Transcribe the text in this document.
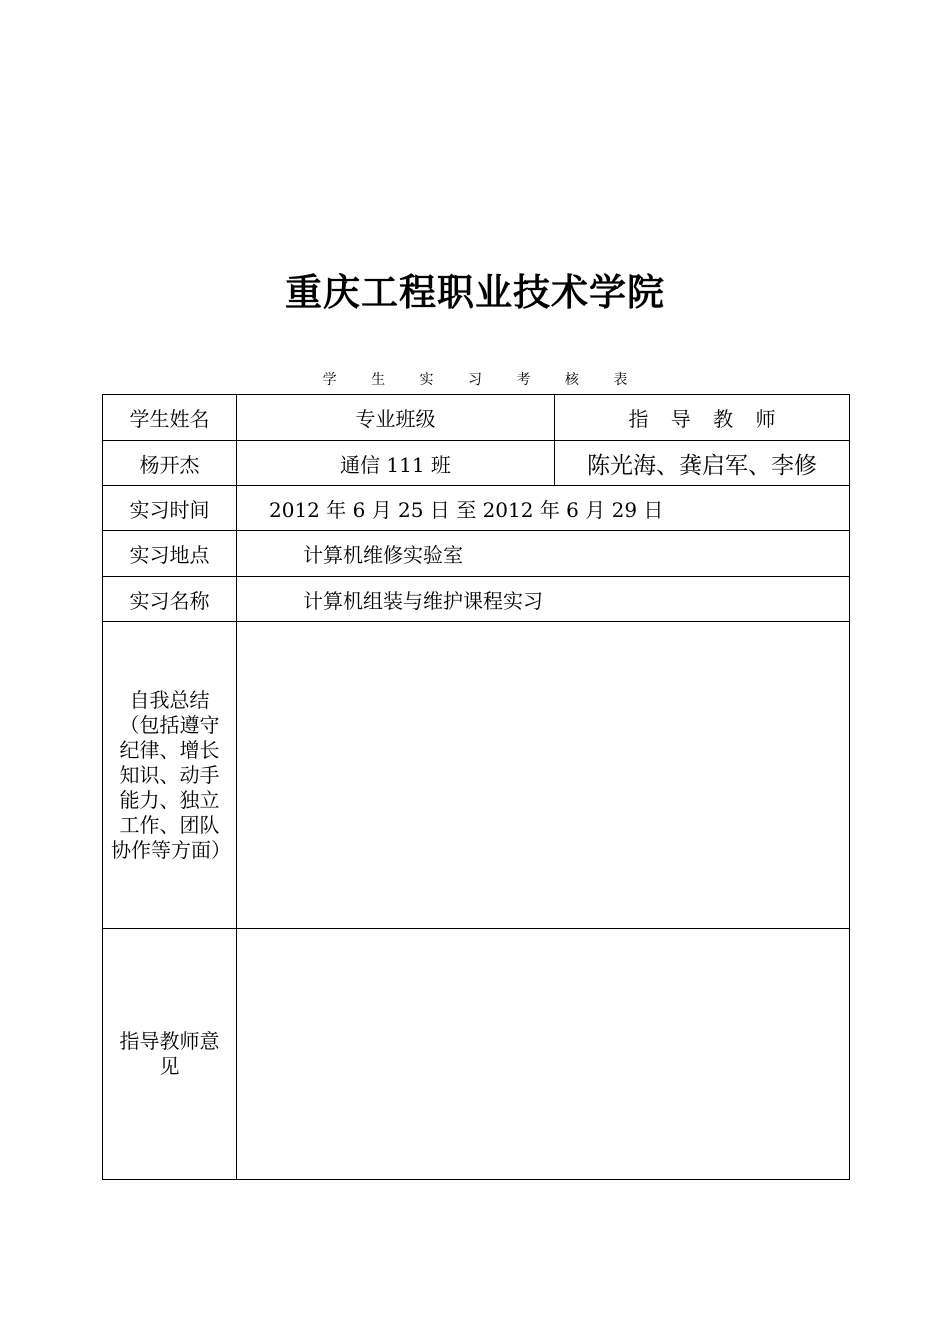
重庆工程职业技术学院
学 生 实 习 考 核 表
学生姓名	专业班级	指 导 教 师
杨开杰	通信 111 班	陈光海、龚启军、李修
实习时间	2012 年 6 月 25 日 至 2012 年 6 月 29 日	
实习地点	计算机维修实验室	
实习名称	计算机组装与维护课程实习	
自我总结（包括遵守纪律、增长知识、动手能力、独立工作、团队协作等方面）		
指导教师意见		
